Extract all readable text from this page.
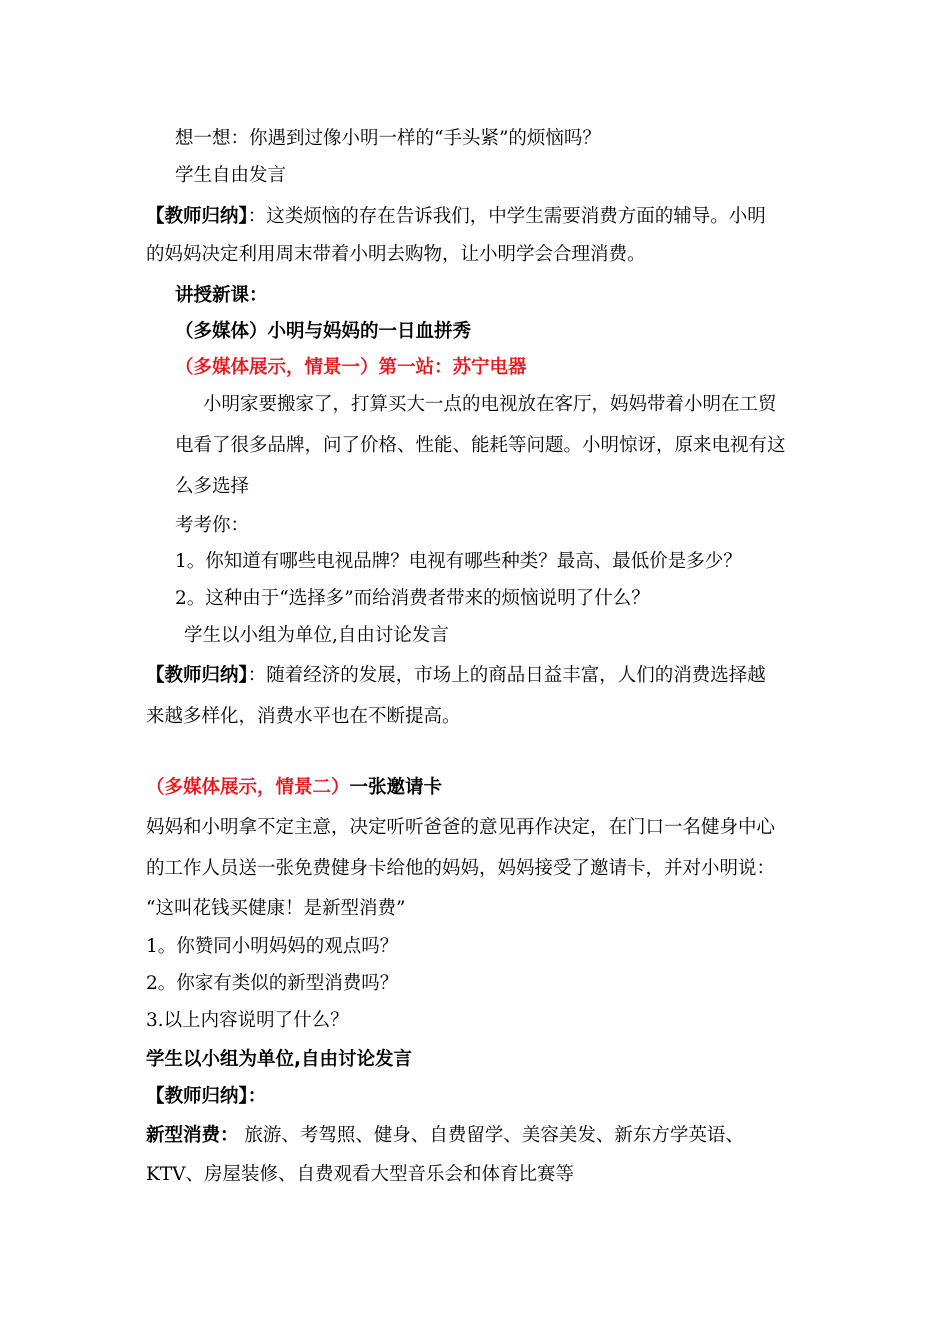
想一想：你遇到过像小明一样的“手头紧”的烦恼吗？
学生自由发言
【教师归纳】：这类烦恼的存在告诉我们，中学生需要消费方面的辅导。小明
的妈妈决定利用周末带着小明去购物，让小明学会合理消费。
讲授新课：
（多媒体）小明与妈妈的一日血拼秀
（多媒体展示，情景一）第一站：苏宁电器
小明家要搬家了，打算买大一点的电视放在客厅，妈妈带着小明在工贸
电看了很多品牌，问了价格、性能、能耗等问题。小明惊讶，原来电视有这
么多选择
考考你：
1。你知道有哪些电视品牌？电视有哪些种类？最高、最低价是多少？
2。这种由于“选择多”而给消费者带来的烦恼说明了什么？
学生以小组为单位,自由讨论发言
【教师归纳】：随着经济的发展，市场上的商品日益丰富，人们的消费选择越
来越多样化，消费水平也在不断提高。
（多媒体展示，情景二）一张邀请卡
妈妈和小明拿不定主意，决定听听爸爸的意见再作决定，在门口一名健身中心
的工作人员送一张免费健身卡给他的妈妈，妈妈接受了邀请卡，并对小明说：
“这叫花钱买健康！是新型消费”
1。你赞同小明妈妈的观点吗？
2。你家有类似的新型消费吗？
3.以上内容说明了什么？
学生以小组为单位,自由讨论发言
【教师归纳】：
新型消费： 旅游、考驾照、健身、自费留学、美容美发、新东方学英语、
KTV、房屋装修、自费观看大型音乐会和体育比赛等
